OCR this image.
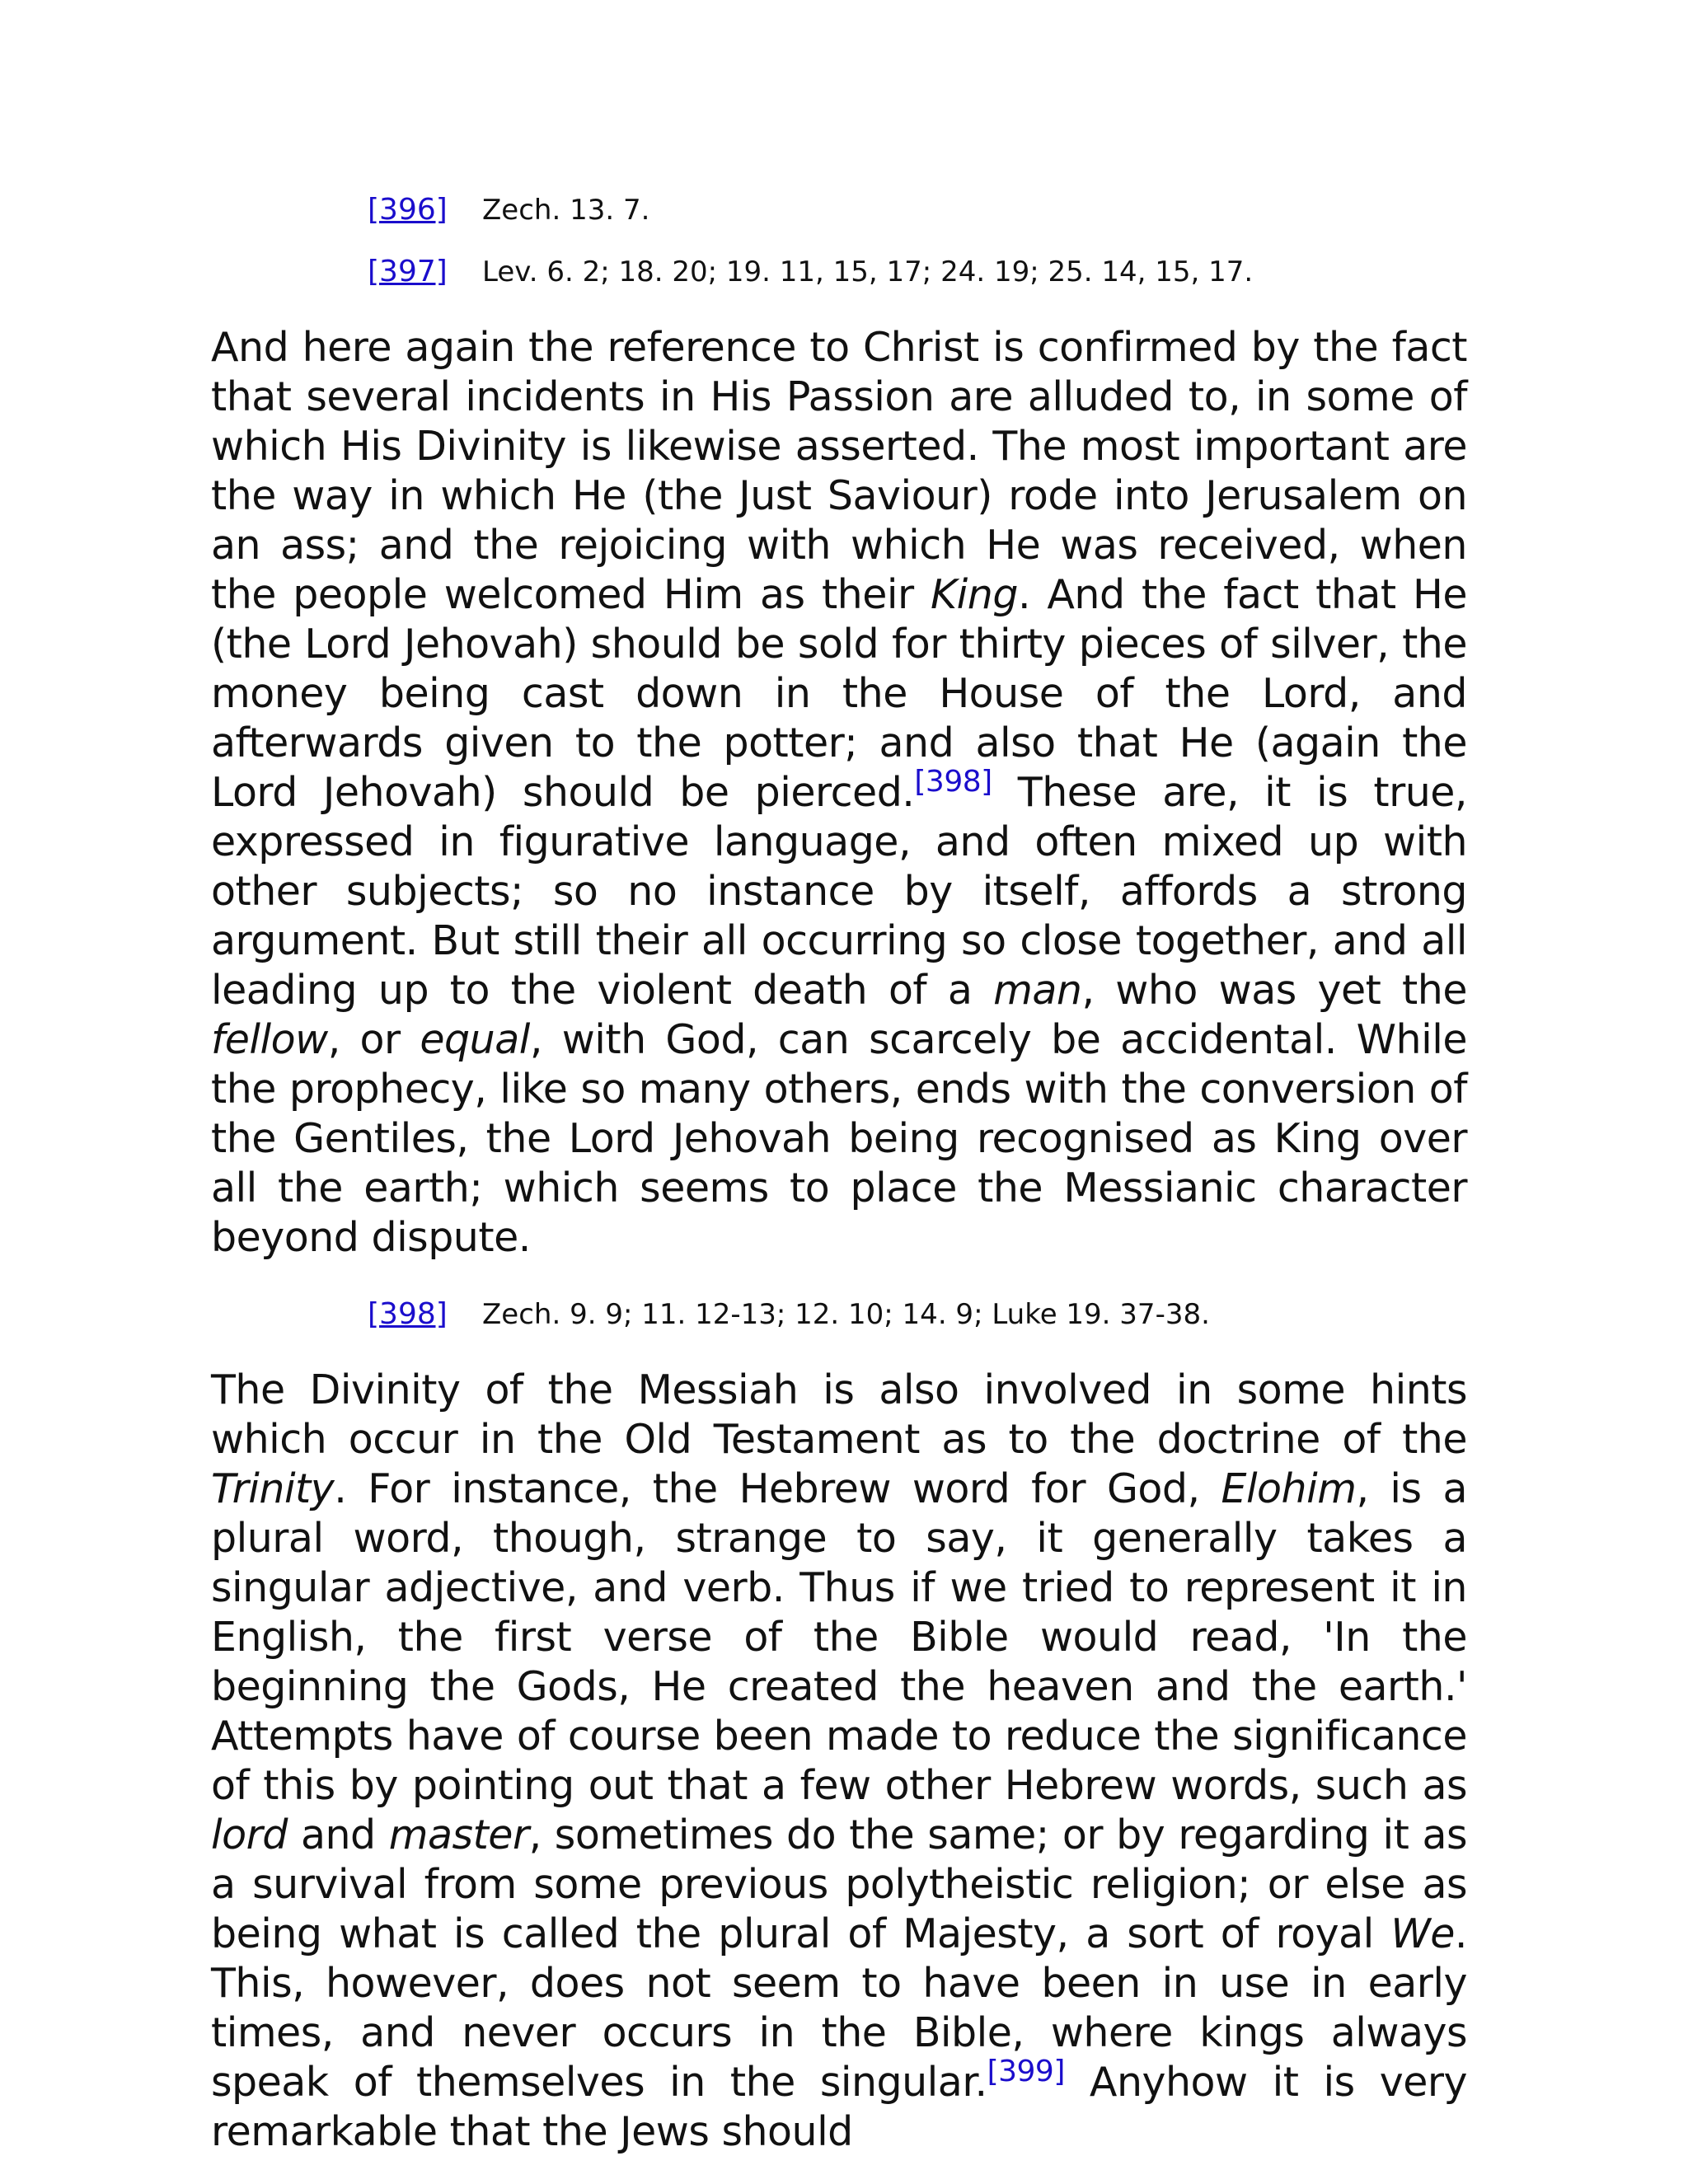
[396] Zech. 13. 7.
[397] Lev. 6. 2; 18. 20; 19. 11, 15, 17; 24. 19; 25. 14, 15, 17.

And here again the reference to Christ is confirmed by the fact that several incidents in His Passion are alluded to, in some of which His Divinity is likewise asserted. The most important are the way in which He (the Just Saviour) rode into Jerusalem on an ass; and the rejoicing with which He was received, when the people welcomed Him as their King. And the fact that He (the Lord Jehovah) should be sold for thirty pieces of silver, the money being cast down in the House of the Lord, and afterwards given to the potter; and also that He (again the Lord Jehovah) should be pierced.[398] These are, it is true, expressed in figurative language, and often mixed up with other subjects; so no instance by itself, affords a strong argument. But still their all occurring so close together, and all leading up to the violent death of a man, who was yet the fellow, or equal, with God, can scarcely be accidental. While the prophecy, like so many others, ends with the conversion of the Gentiles, the Lord Jehovah being recognised as King over all the earth; which seems to place the Messianic character beyond dispute.

[398] Zech. 9. 9; 11. 12-13; 12. 10; 14. 9; Luke 19. 37-38.

The Divinity of the Messiah is also involved in some hints which occur in the Old Testament as to the doctrine of the Trinity. For instance, the Hebrew word for God, Elohim, is a plural word, though, strange to say, it generally takes a singular adjective, and verb. Thus if we tried to represent it in English, the first verse of the Bible would read, 'In the beginning the Gods, He created the heaven and the earth.' Attempts have of course been made to reduce the significance of this by pointing out that a few other Hebrew words, such as lord and master, sometimes do the same; or by regarding it as a survival from some previous polytheistic religion; or else as being what is called the plural of Majesty, a sort of royal We. This, however, does not seem to have been in use in early times, and never occurs in the Bible, where kings always speak of themselves in the singular.[399] Anyhow it is very remarkable that the Jews should
